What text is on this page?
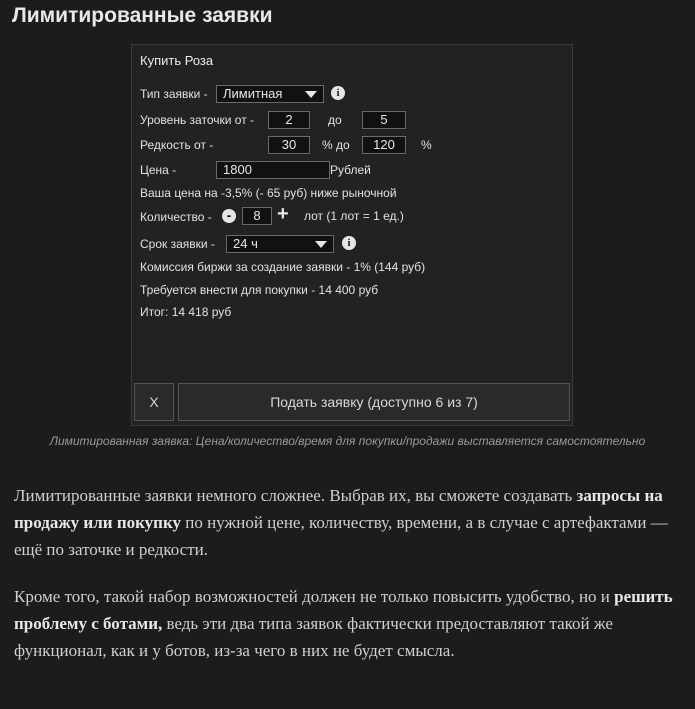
Лимитированные заявки
Купить Роза
Тип заявки -	Лимитная	i
Уровень заточки от -	2	до	5
Редкость от -	30	% до	120	%
Цена -	1800	Рублей
Ваша цена на -3,5% (- 65 руб) ниже рыночной
Количество -	-	8 + лот (1 лот = 1 ед.)
Срок заявки -	24 ч	i
Комиссия биржи за создание заявки - 1% (144 руб)
Требуется внести для покупки - 14 400 руб
Итог: 14 418 руб
X	Подать заявку (доступно 6 из 7)
Лимитированная заявка: Цена/количество/время для покупки/продажи выставляется самостоятельно
Лимитированные заявки немного сложнее. Выбрав их, вы сможете создавать запросы на продажу или покупку по нужной цене, количеству, времени, а в случае с артефактами — ещё по заточке и редкости.
Кроме того, такой набор возможностей должен не только повысить удобство, но и решить проблему с ботами, ведь эти два типа заявок фактически предоставляют такой же функционал, как и у ботов, из-за чего в них не будет смысла.
